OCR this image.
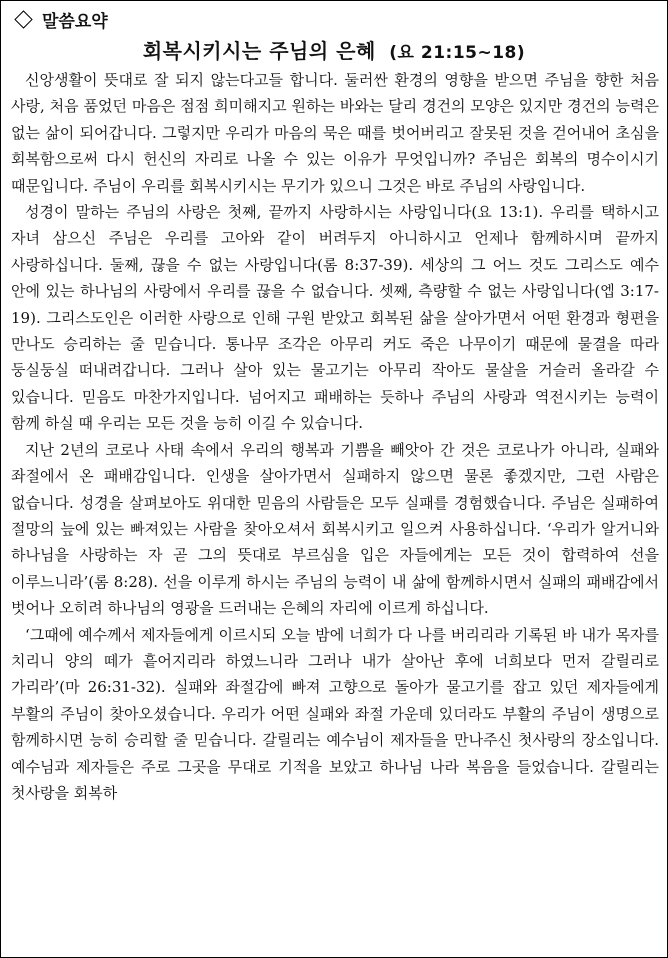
말씀요약
회복시키시는 주님의 은혜 (요 21:15~18)

신앙생활이 뜻대로 잘 되지 않는다고들 합니다. 둘러싼 환경의 영향을 받으면 주님을 향한 처음 사랑, 처음 품었던 마음은 점점 희미해지고 원하는 바와는 달리 경건의 모양은 있지만 경건의 능력은 없는 삶이 되어갑니다. 그렇지만 우리가 마음의 묵은 때를 벗어버리고 잘못된 것을 걷어내어 초심을 회복함으로써 다시 헌신의 자리로 나올 수 있는 이유가 무엇입니까? 주님은 회복의 명수이시기 때문입니다. 주님이 우리를 회복시키시는 무기가 있으니 그것은 바로 주님의 사랑입니다.

성경이 말하는 주님의 사랑은 첫째, 끝까지 사랑하시는 사랑입니다(요 13:1). 우리를 택하시고 자녀 삼으신 주님은 우리를 고아와 같이 버려두지 아니하시고 언제나 함께하시며 끝까지 사랑하십니다. 둘째, 끊을 수 없는 사랑입니다(롬 8:37-39). 세상의 그 어느 것도 그리스도 예수 안에 있는 하나님의 사랑에서 우리를 끊을 수 없습니다. 셋째, 측량할 수 없는 사랑입니다(엡 3:17-19). 그리스도인은 이러한 사랑으로 인해 구원 받았고 회복된 삶을 살아가면서 어떤 환경과 형편을 만나도 승리하는 줄 믿습니다. 통나무 조각은 아무리 커도 죽은 나무이기 때문에 물결을 따라 둥실둥실 떠내려갑니다. 그러나 살아 있는 물고기는 아무리 작아도 물살을 거슬러 올라갈 수 있습니다. 믿음도 마찬가지입니다. 넘어지고 패배하는 듯하나 주님의 사랑과 역전시키는 능력이 함께 하실 때 우리는 모든 것을 능히 이길 수 있습니다.

지난 2년의 코로나 사태 속에서 우리의 행복과 기쁨을 빼앗아 간 것은 코로나가 아니라, 실패와 좌절에서 온 패배감입니다. 인생을 살아가면서 실패하지 않으면 물론 좋겠지만, 그런 사람은 없습니다. 성경을 살펴보아도 위대한 믿음의 사람들은 모두 실패를 경험했습니다. 주님은 실패하여 절망의 늪에 있는 빠져있는 사람을 찾아오셔서 회복시키고 일으켜 사용하십니다. ‘우리가 알거니와 하나님을 사랑하는 자 곧 그의 뜻대로 부르심을 입은 자들에게는 모든 것이 합력하여 선을 이루느니라’(롬 8:28). 선을 이루게 하시는 주님의 능력이 내 삶에 함께하시면서 실패의 패배감에서 벗어나 오히려 하나님의 영광을 드러내는 은혜의 자리에 이르게 하십니다.

‘그때에 예수께서 제자들에게 이르시되 오늘 밤에 너희가 다 나를 버리리라 기록된 바 내가 목자를 치리니 양의 떼가 흩어지리라 하였느니라 그러나 내가 살아난 후에 너희보다 먼저 갈릴리로 가리라’(마 26:31-32). 실패와 좌절감에 빠져 고향으로 돌아가 물고기를 잡고 있던 제자들에게 부활의 주님이 찾아오셨습니다. 우리가 어떤 실패와 좌절 가운데 있더라도 부활의 주님이 생명으로 함께하시면 능히 승리할 줄 믿습니다. 갈릴리는 예수님이 제자들을 만나주신 첫사랑의 장소입니다. 예수님과 제자들은 주로 그곳을 무대로 기적을 보았고 하나님 나라 복음을 들었습니다. 갈릴리는 첫사랑을 회복하
